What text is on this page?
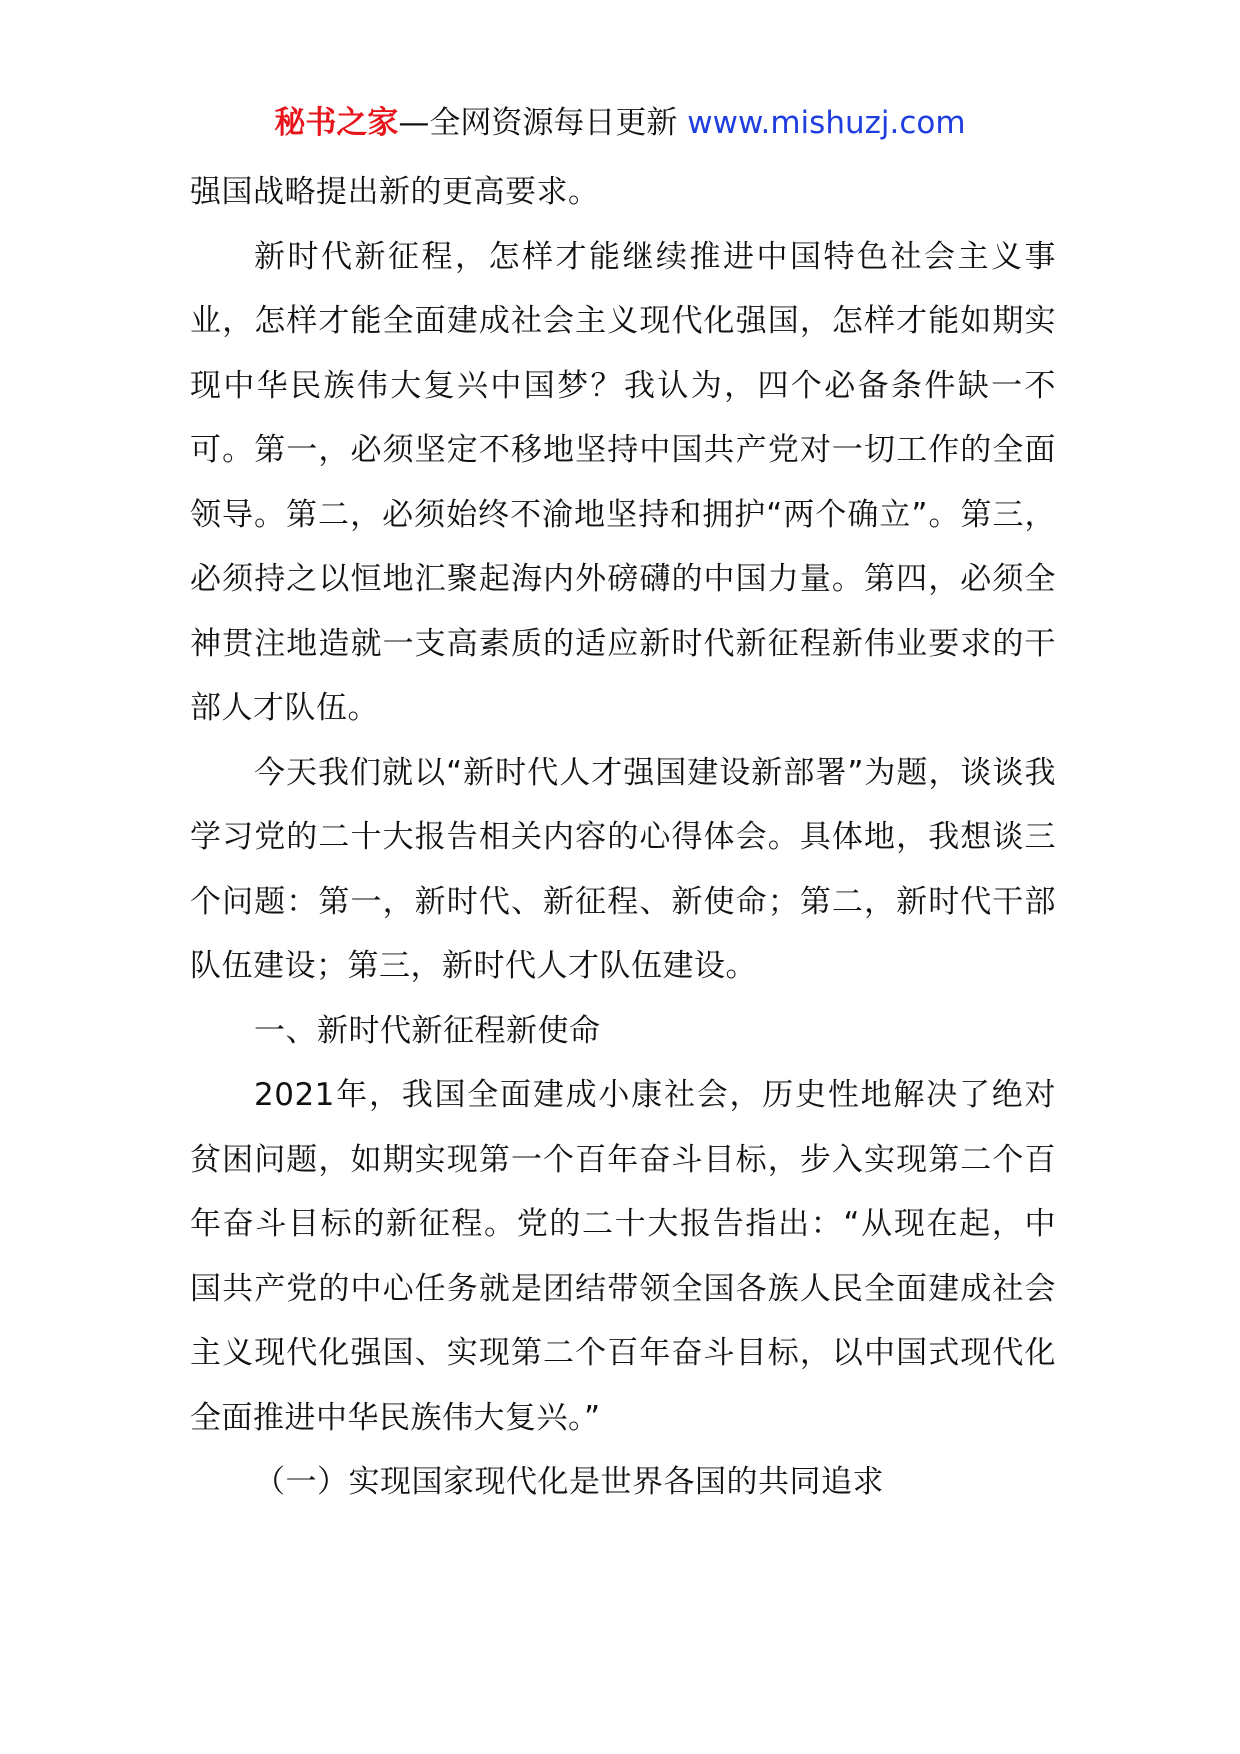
秘书之家—全网资源每日更新 www.mishuzj.com

强国战略提出新的更高要求。

新时代新征程，怎样才能继续推进中国特色社会主义事业，怎样才能全面建成社会主义现代化强国，怎样才能如期实现中华民族伟大复兴中国梦？我认为，四个必备条件缺一不可。第一，必须坚定不移地坚持中国共产党对一切工作的全面领导。第二，必须始终不渝地坚持和拥护“两个确立”。第三，必须持之以恒地汇聚起海内外磅礴的中国力量。第四，必须全神贯注地造就一支高素质的适应新时代新征程新伟业要求的干部人才队伍。

今天我们就以“新时代人才强国建设新部署”为题，谈谈我学习党的二十大报告相关内容的心得体会。具体地，我想谈三个问题：第一，新时代、新征程、新使命；第二，新时代干部队伍建设；第三，新时代人才队伍建设。

一、新时代新征程新使命

2021年，我国全面建成小康社会，历史性地解决了绝对贫困问题，如期实现第一个百年奋斗目标，步入实现第二个百年奋斗目标的新征程。党的二十大报告指出：“从现在起，中国共产党的中心任务就是团结带领全国各族人民全面建成社会主义现代化强国、实现第二个百年奋斗目标，以中国式现代化全面推进中华民族伟大复兴。”

（一）实现国家现代化是世界各国的共同追求
